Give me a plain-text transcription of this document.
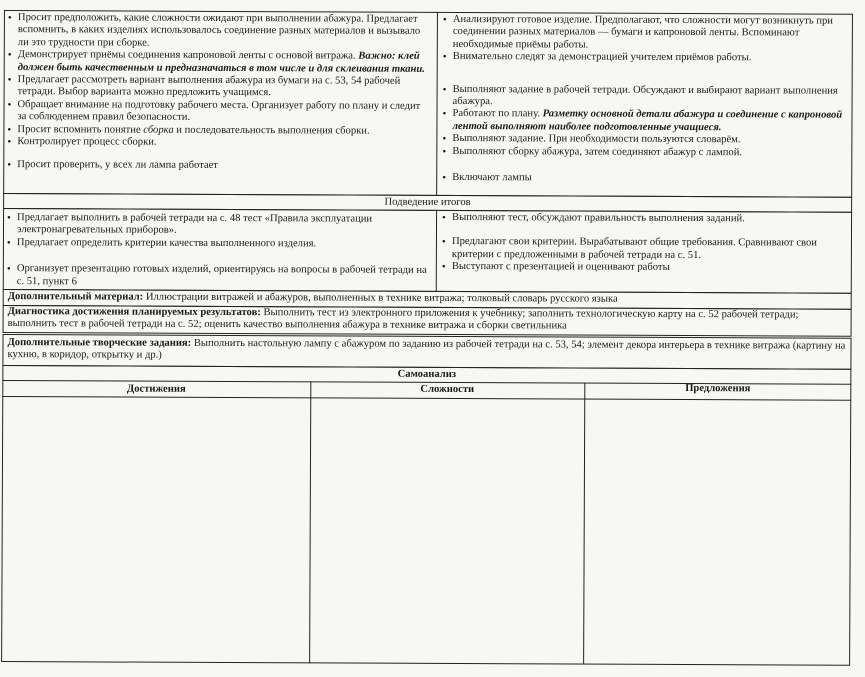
• Просит предположить, какие сложности ожидают при выполнении абажура. Предлагает вспомнить, в каких изделиях использовалось соединение разных материалов и вызывало ли это трудности при сборке.

• Демонстрирует приёмы соединения капроновой ленты с основой витража. Важно: клей должен быть качественным и предназначаться в том числе и для склеивания ткани.

• Предлагает рассмотреть вариант выполнения абажура из бумаги на с. 53, 54 рабочей тетради. Выбор варианта можно предложить учащимся.

• Обращает внимание на подготовку рабочего места. Организует работу по плану и следит за соблюдением правил безопасности.

• Просит вспомнить понятие сборка и последовательность выполнения сборки.

• Контролирует процесс сборки.

• Просит проверить, у всех ли лампа работает

• Анализируют готовое изделие. Предполагают, что сложности могут возникнуть при соединении разных материалов — бумаги и капроновой ленты. Вспоминают необходимые приёмы работы.

• Внимательно следят за демонстрацией учителем приёмов работы.

• Выполняют задание в рабочей тетради. Обсуждают и выбирают вариант выполнения абажура.

• Работают по плану. Разметку основной детали абажура и соединение с капроновой лентой выполняют наиболее подготовленные учащиеся.

• Выполняют задание. При необходимости пользуются словарём.

• Выполняют сборку абажура, затем соединяют абажур с лампой.

• Включают лампы

Подведение итогов

• Предлагает выполнить в рабочей тетради на с. 48 тест «Правила эксплуатации электронагревательных приборов».

• Предлагает определить критерии качества выполненного изделия.

• Организует презентацию готовых изделий, ориентируясь на вопросы в рабочей тетради на с. 51, пункт 6

• Выполняют тест, обсуждают правильность выполнения заданий.

• Предлагают свои критерии. Вырабатывают общие требования. Сравнивают свои критерии с предложенными в рабочей тетради на с. 51.

• Выступают с презентацией и оценивают работы

Дополнительный материал: Иллюстрации витражей и абажуров, выполненных в технике витража; толковый словарь русского языка
Диагностика достижения планируемых результатов: Выполнить тест из электронного приложения к учебнику; заполнить технологическую карту на с. 52 рабочей тетради; выполнить тест в рабочей тетради на с. 52; оценить качество выполнения абажура в технике витража и сборки светильника
Дополнительные творческие задания: Выполнить настольную лампу с абажуром по заданию из рабочей тетради на с. 53, 54; элемент декора интерьера в технике витража (картину на кухню, в коридор, открытку и др.)
Самоанализ
Достижения	Сложности	Предложения
